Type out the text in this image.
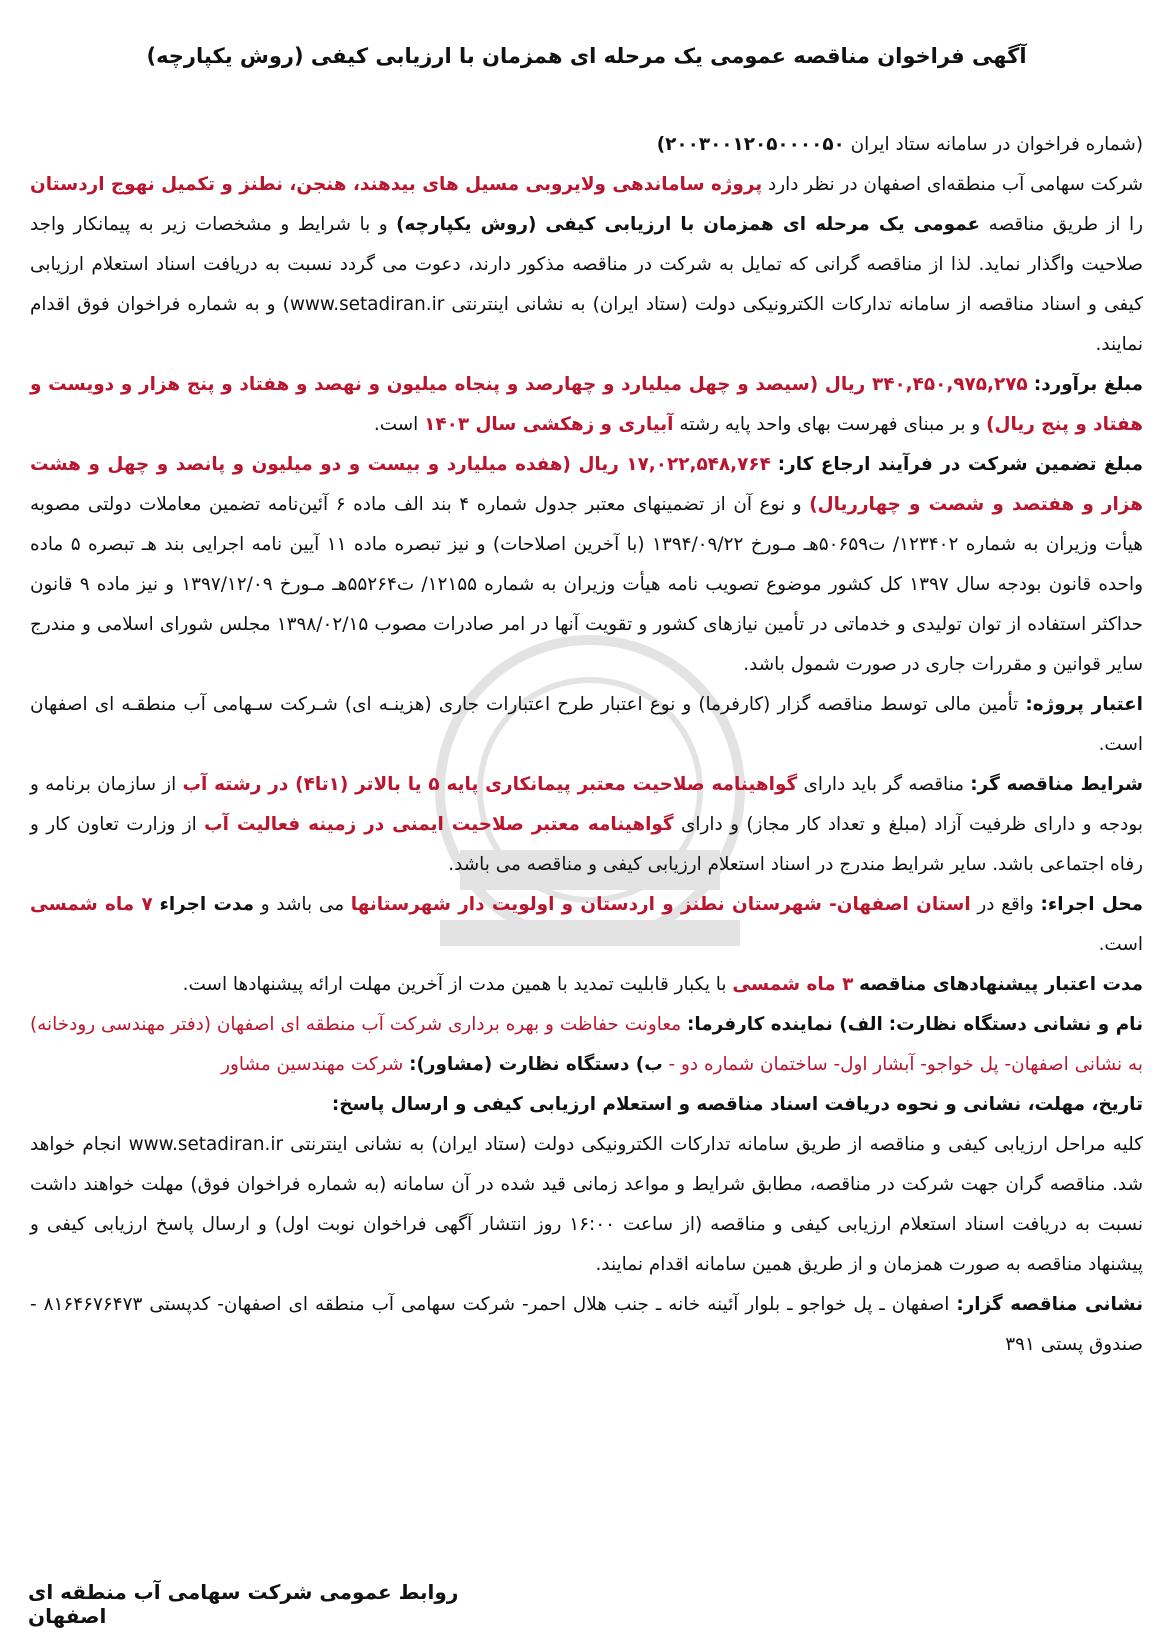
آگهی فراخوان مناقصه عمومی یک مرحله ای همزمان با ارزیابی کیفی (روش یکپارچه)

(شماره فراخوان در سامانه ستاد ایران ۲۰۰۳۰۰۱۲۰۵۰۰۰۰۵۰)

شرکت سهامی آب منطقه‌ای اصفهان در نظر دارد پروژه ساماندهی ولایروبی مسیل های بیدهند، هنجن، نطنز و تکمیل نهوج اردستان را از طریق مناقصه عمومی یک مرحله ای همزمان با ارزیابی کیفی (روش یکپارچه) و با شرایط و مشخصات زیر به پیمانکار واجد صلاحیت واگذار نماید. لذا از مناقصه گرانی که تمایل به شرکت در مناقصه مذکور دارند، دعوت می گردد نسبت به دریافت اسناد استعلام ارزیابی کیفی و اسناد مناقصه از سامانه تدارکات الکترونیکی دولت (ستاد ایران) به نشانی اینترنتی (www.setadiran.ir و به شماره فراخوان فوق اقدام نمایند.

مبلغ برآورد: ۳۴۰,۴۵۰,۹۷۵,۲۷۵ ریال (سیصد و چهل میلیارد و چهارصد و پنجاه میلیون و نهصد و هفتاد و پنج هزار و دویست و هفتاد و پنج ریال) و بر مبنای فهرست بهای واحد پایه رشته آبیاری و زهکشی سال ۱۴۰۳ است.

مبلغ تضمین شرکت در فرآیند ارجاع کار: ۱۷,۰۲۲,۵۴۸,۷۶۴ ریال (هفده میلیارد و بیست و دو میلیون و پانصد و چهل و هشت هزار و هفتصد و شصت و چهارریال) و نوع آن از تضمینهای معتبر جدول شماره ۴ بند الف ماده ۶ آئین‌نامه تضمین معاملات دولتی مصوبه هیأت وزیران به شماره ۱۲۳۴۰۲/ ت۵۰۶۵۹هـ مـورخ ۱۳۹۴/۰۹/۲۲ (با آخرین اصلاحات) و نیز تبصره ماده ۱۱ آیین نامه اجرایی بند هـ تبصره ۵ ماده واحده قانون بودجه سال ۱۳۹۷ کل کشور موضوع تصویب نامه هیأت وزیران به شماره ۱۲۱۵۵/ ت۵۵۲۶۴هـ مـورخ ۱۳۹۷/۱۲/۰۹ و نیز ماده ۹ قانون حداکثر استفاده از توان تولیدی و خدماتی در تأمین نیازهای کشور و تقویت آنها در امر صادرات مصوب ۱۳۹۸/۰۲/۱۵ مجلس شورای اسلامی و مندرج سایر قوانین و مقررات جاری در صورت شمول باشد.

اعتبار پروژه: تأمین مالی توسط مناقصه گزار (کارفرما) و نوع اعتبار طرح اعتبارات جاری (هزینـه ای) شـرکت سـهامی آب منطقـه ای اصفهان است.

شرایط مناقصه گر: مناقصه گر باید دارای گواهینامه صلاحیت معتبر پیمانکاری پایه ۵ یا بالاتر (۱تا۴) در رشته آب از سازمان برنامه و بودجه و دارای ظرفیت آزاد (مبلغ و تعداد کار مجاز) و دارای گواهینامه معتبر صلاحیت ایمنی در زمینه فعالیت آب از وزارت تعاون کار و رفاه اجتماعی باشد. سایر شرایط مندرج در اسناد استعلام ارزیابی کیفی و مناقصه می باشد.

محل اجراء: واقع در استان اصفهان- شهرستان نطنز و اردستان و اولویت دار شهرستانها می باشد و مدت اجراء ۷ ماه شمسی است.

مدت اعتبار پیشنهادهای مناقصه ۳ ماه شمسی با یکبار قابلیت تمدید با همین مدت از آخرین مهلت ارائه پیشنهادها است.

نام و نشانی دستگاه نظارت: الف) نماینده کارفرما: معاونت حفاظت و بهره برداری شرکت آب منطقه ای اصفهان (دفتر مهندسی رودخانه) به نشانی اصفهان- پل خواجو- آبشار اول- ساختمان شماره دو - ب) دستگاه نظارت (مشاور): شرکت مهندسین مشاور

تاریخ، مهلت، نشانی و نحوه دریافت اسناد مناقصه و استعلام ارزیابی کیفی و ارسال پاسخ:

کلیه مراحل ارزیابی کیفی و مناقصه از طریق سامانه تدارکات الکترونیکی دولت (ستاد ایران) به نشانی اینترنتی www.setadiran.ir انجام خواهد شد. مناقصه گران جهت شرکت در مناقصه، مطابق شرایط و مواعد زمانی قید شده در آن سامانه (به شماره فراخوان فوق) مهلت خواهند داشت نسبت به دریافت اسناد استعلام ارزیابی کیفی و مناقصه (از ساعت ۱۶:۰۰ روز انتشار آگهی فراخوان نوبت اول) و ارسال پاسخ ارزیابی کیفی و پیشنهاد مناقصه به صورت همزمان و از طریق همین سامانه اقدام نمایند.

نشانی مناقصه گزار: اصفهان ـ پل خواجو ـ بلوار آئینه خانه ـ جنب هلال احمر- شرکت سهامی آب منطقه ای اصفهان- کدپستی ۸۱۶۴۶۷۶۴۷۳ - صندوق پستی ۳۹۱

روابط عمومی شرکت سهامی آب منطقه ای اصفهان
